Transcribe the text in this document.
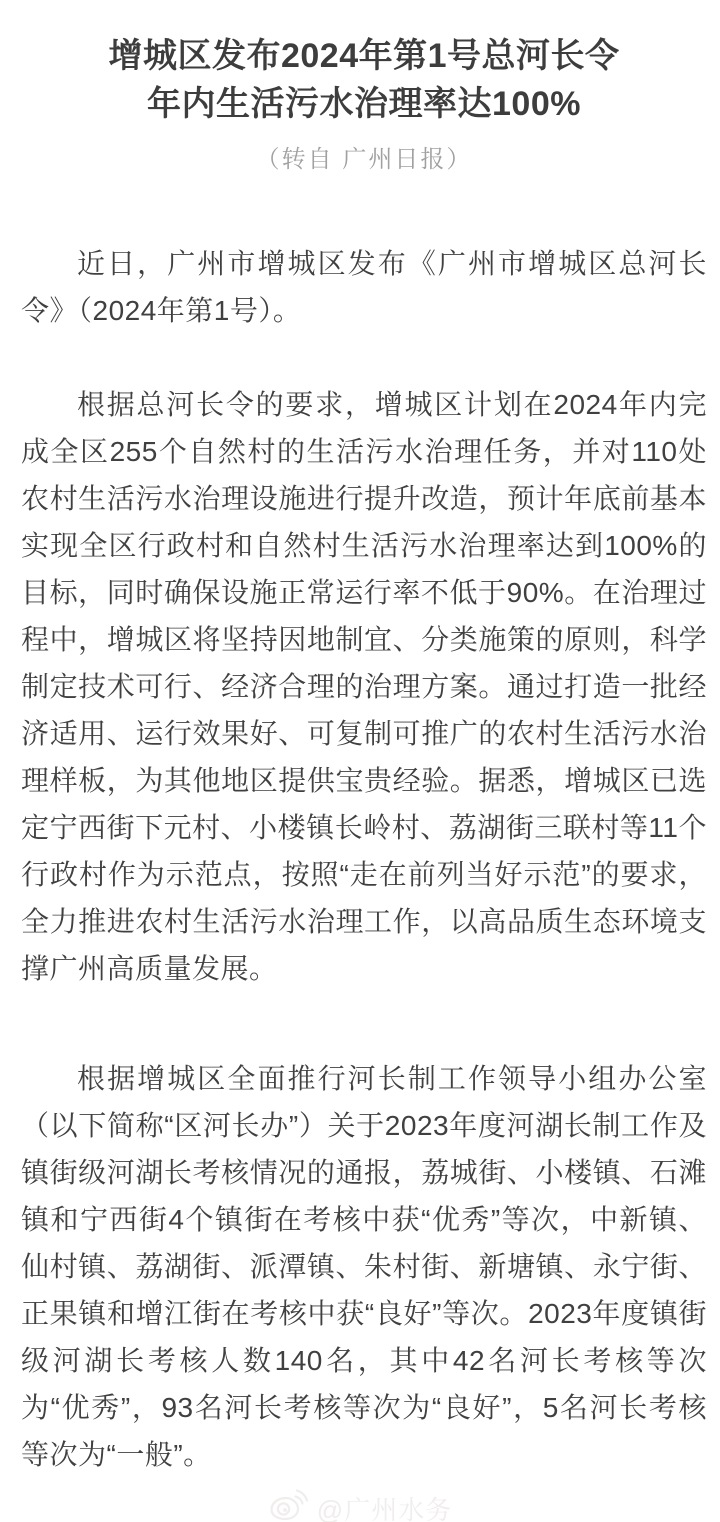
增城区发布2024年第1号总河长令
年内生活污水治理率达100%
（转自 广州日报）

近日，广州市增城区发布《广州市增城区总河长令》（2024年第1号）。

根据总河长令的要求，增城区计划在2024年内完成全区255个自然村的生活污水治理任务，并对110处农村生活污水治理设施进行提升改造，预计年底前基本实现全区行政村和自然村生活污水治理率达到100%的目标，同时确保设施正常运行率不低于90%。在治理过程中，增城区将坚持因地制宜、分类施策的原则，科学制定技术可行、经济合理的治理方案。通过打造一批经济适用、运行效果好、可复制可推广的农村生活污水治理样板，为其他地区提供宝贵经验。据悉，增城区已选定宁西街下元村、小楼镇长岭村、荔湖街三联村等11个行政村作为示范点，按照“走在前列当好示范”的要求，全力推进农村生活污水治理工作，以高品质生态环境支撑广州高质量发展。

根据增城区全面推行河长制工作领导小组办公室（以下简称“区河长办”）关于2023年度河湖长制工作及镇街级河湖长考核情况的通报，荔城街、小楼镇、石滩镇和宁西街4个镇街在考核中获“优秀”等次，中新镇、仙村镇、荔湖街、派潭镇、朱村街、新塘镇、永宁街、正果镇和增江街在考核中获“良好”等次。2023年度镇街级河湖长考核人数140名，其中42名河长考核等次为“优秀”，93名河长考核等次为“良好”，5名河长考核等次为“一般”。

@广州水务
